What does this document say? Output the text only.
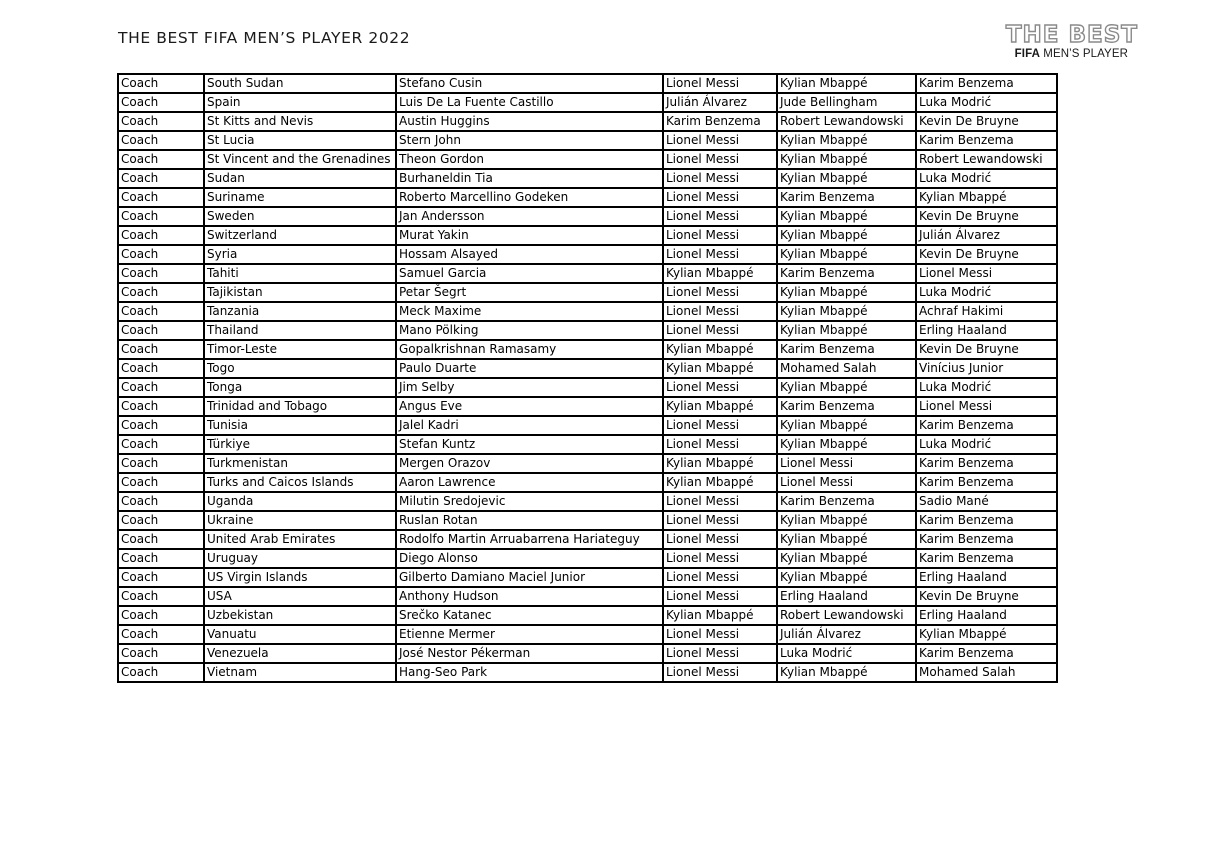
THE BEST FIFA MEN’S PLAYER 2022	THE BEST
FIFA MEN’S PLAYER
Coach	South Sudan	Stefano Cusin	Lionel Messi	Kylian Mbappé	Karim Benzema
Coach	Spain	Luis De La Fuente Castillo	Julián Álvarez	Jude Bellingham	Luka Modrić
Coach	St Kitts and Nevis	Austin Huggins	Karim Benzema	Robert Lewandowski	Kevin De Bruyne
Coach	St Lucia	Stern John	Lionel Messi	Kylian Mbappé	Karim Benzema
Coach	St Vincent and the Grenadines	Theon Gordon	Lionel Messi	Kylian Mbappé	Robert Lewandowski
Coach	Sudan	Burhaneldin Tia	Lionel Messi	Kylian Mbappé	Luka Modrić
Coach	Suriname	Roberto Marcellino Godeken	Lionel Messi	Karim Benzema	Kylian Mbappé
Coach	Sweden	Jan Andersson	Lionel Messi	Kylian Mbappé	Kevin De Bruyne
Coach	Switzerland	Murat Yakin	Lionel Messi	Kylian Mbappé	Julián Álvarez
Coach	Syria	Hossam Alsayed	Lionel Messi	Kylian Mbappé	Kevin De Bruyne
Coach	Tahiti	Samuel Garcia	Kylian Mbappé	Karim Benzema	Lionel Messi
Coach	Tajikistan	Petar Šegrt	Lionel Messi	Kylian Mbappé	Luka Modrić
Coach	Tanzania	Meck Maxime	Lionel Messi	Kylian Mbappé	Achraf Hakimi
Coach	Thailand	Mano Pölking	Lionel Messi	Kylian Mbappé	Erling Haaland
Coach	Timor-Leste	Gopalkrishnan Ramasamy	Kylian Mbappé	Karim Benzema	Kevin De Bruyne
Coach	Togo	Paulo Duarte	Kylian Mbappé	Mohamed Salah	Vinícius Junior
Coach	Tonga	Jim Selby	Lionel Messi	Kylian Mbappé	Luka Modrić
Coach	Trinidad and Tobago	Angus Eve	Kylian Mbappé	Karim Benzema	Lionel Messi
Coach	Tunisia	Jalel Kadri	Lionel Messi	Kylian Mbappé	Karim Benzema
Coach	Türkiye	Stefan Kuntz	Lionel Messi	Kylian Mbappé	Luka Modrić
Coach	Turkmenistan	Mergen Orazov	Kylian Mbappé	Lionel Messi	Karim Benzema
Coach	Turks and Caicos Islands	Aaron Lawrence	Kylian Mbappé	Lionel Messi	Karim Benzema
Coach	Uganda	Milutin Sredojevic	Lionel Messi	Karim Benzema	Sadio Mané
Coach	Ukraine	Ruslan Rotan	Lionel Messi	Kylian Mbappé	Karim Benzema
Coach	United Arab Emirates	Rodolfo Martin Arruabarrena Hariateguy	Lionel Messi	Kylian Mbappé	Karim Benzema
Coach	Uruguay	Diego Alonso	Lionel Messi	Kylian Mbappé	Karim Benzema
Coach	US Virgin Islands	Gilberto Damiano Maciel Junior	Lionel Messi	Kylian Mbappé	Erling Haaland
Coach	USA	Anthony Hudson	Lionel Messi	Erling Haaland	Kevin De Bruyne
Coach	Uzbekistan	Srečko Katanec	Kylian Mbappé	Robert Lewandowski	Erling Haaland
Coach	Vanuatu	Etienne Mermer	Lionel Messi	Julián Álvarez	Kylian Mbappé
Coach	Venezuela	José Nestor Pékerman	Lionel Messi	Luka Modrić	Karim Benzema
Coach	Vietnam	Hang-Seo Park	Lionel Messi	Kylian Mbappé	Mohamed Salah
